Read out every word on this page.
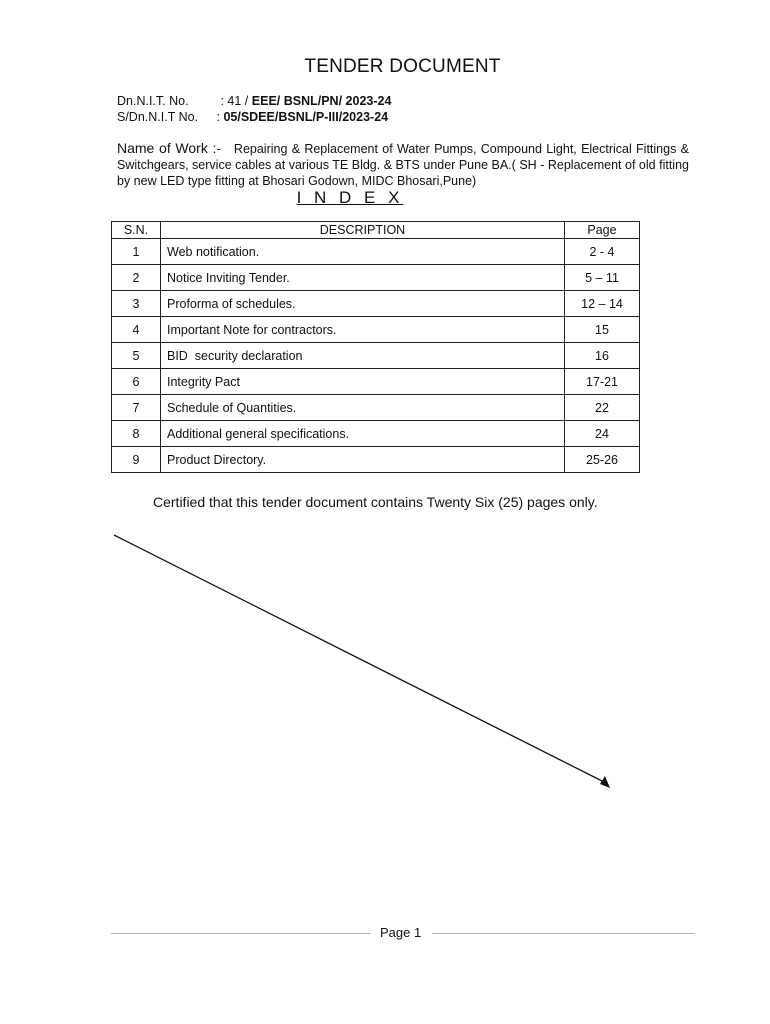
TENDER DOCUMENT
Dn.N.I.T. No.	: 41 / EEE/ BSNL/PN/ 2023-24
S/Dn.N.I.T No. : 05/SDEE/BSNL/P-III/2023-24
Name of Work :- Repairing & Replacement of Water Pumps, Compound Light, Electrical Fittings & Switchgears, service cables at various TE Bldg. & BTS under Pune BA.( SH - Replacement of old fitting by new LED type fitting at Bhosari Godown, MIDC Bhosari,Pune)
I N D E X
S.N.	DESCRIPTION	Page
1	Web notification.	2 - 4
2	Notice Inviting Tender.	5 – 11
3	Proforma of schedules.	12 – 14
4	Important Note for contractors.	15
5	BID  security declaration	16
6	Integrity Pact	17-21
7	Schedule of Quantities.	22
8	Additional general specifications.	24
9	Product Directory.	25-26
Certified that this tender document contains Twenty Six (25) pages only.
Page 1
